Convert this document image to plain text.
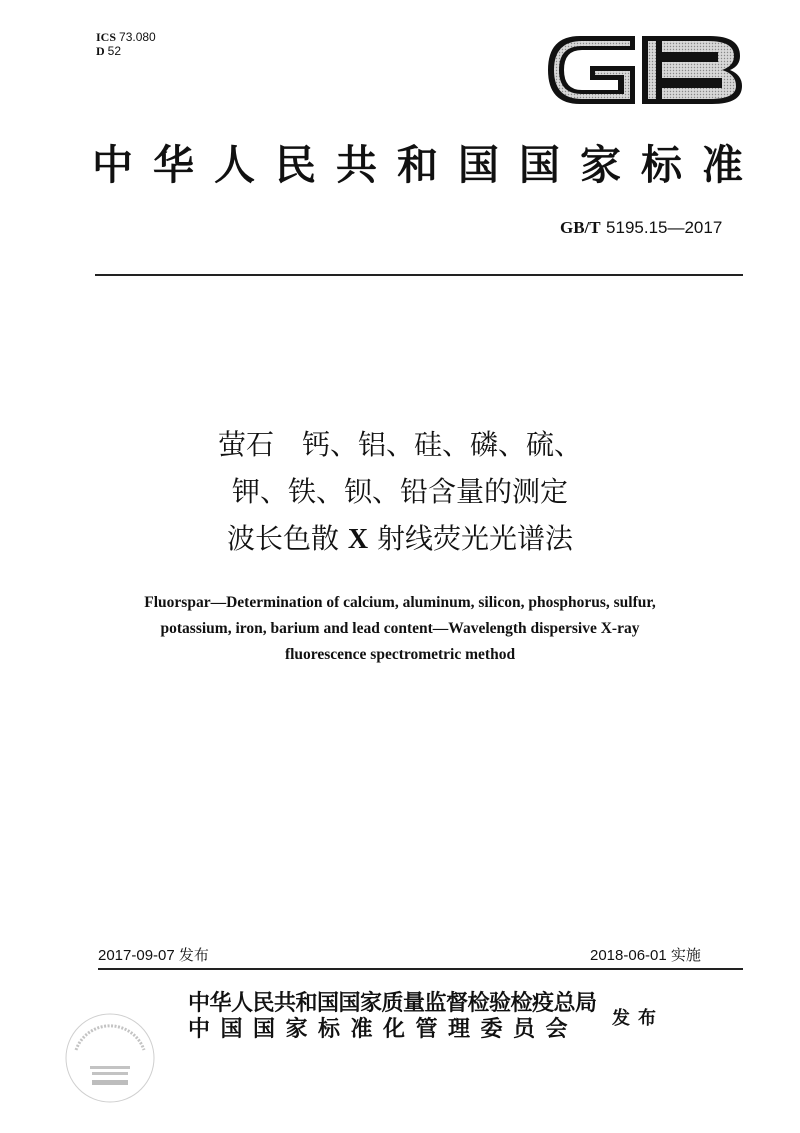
ICS 73.080
D 52
中华人民共和国国家标准
GB/T 5195.15—2017
萤石　钙、铝、硅、磷、硫、
钾、铁、钡、铅含量的测定
波长色散 X 射线荧光光谱法
Fluorspar—Determination of calcium, aluminum, silicon, phosphorus, sulfur,
potassium, iron, barium and lead content—Wavelength dispersive X-ray
fluorescence spectrometric method
2017-09-07 发布	2018-06-01 实施
中华人民共和国国家质量监督检验检疫总局
中国国家标准化管理委员会 发布
